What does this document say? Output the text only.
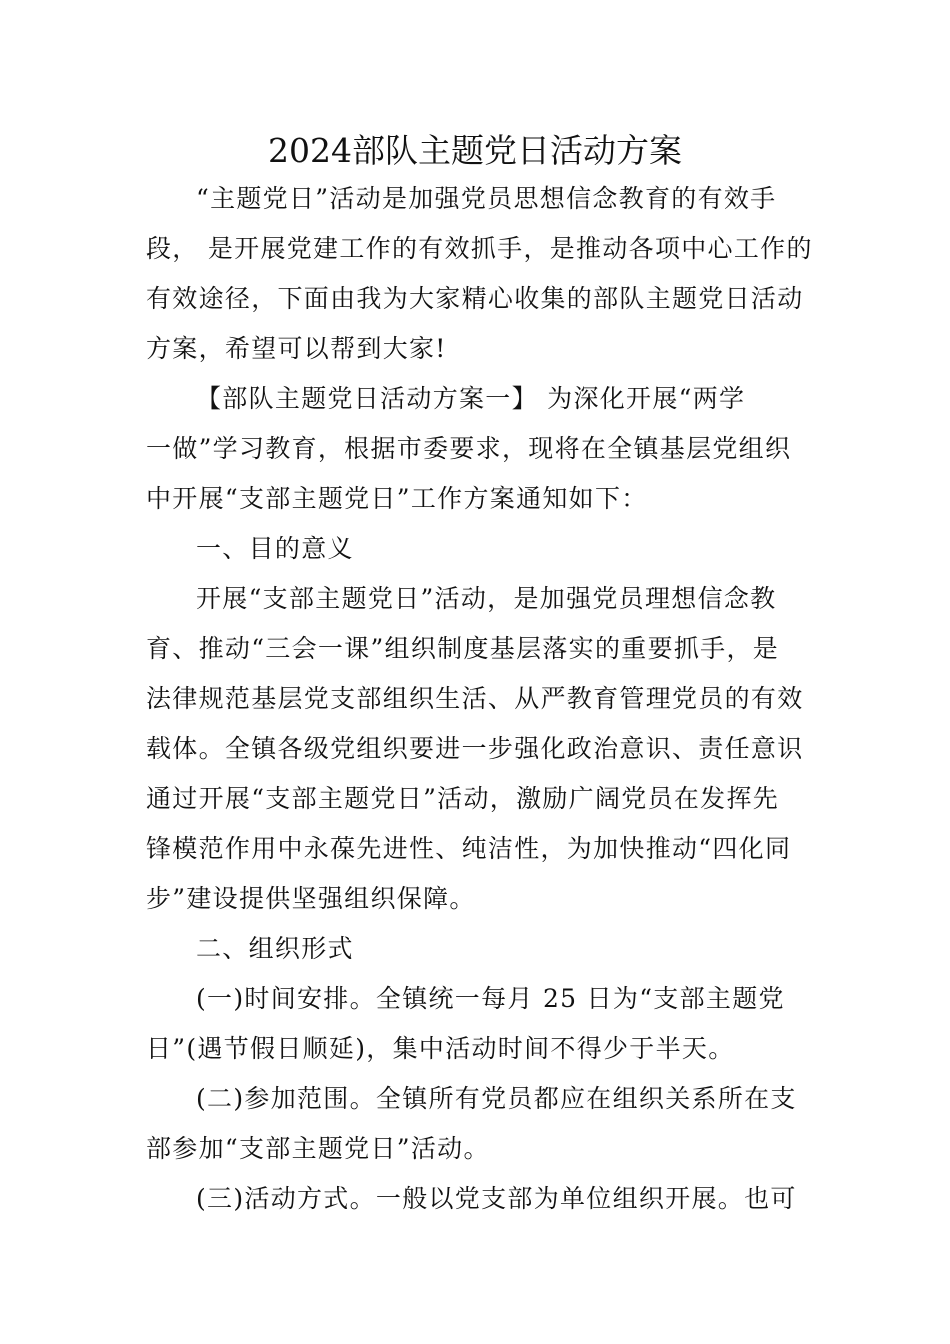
2024部队主题党日活动方案
“主题党日”活动是加强党员思想信念教育的有效手
段， 是开展党建工作的有效抓手，是推动各项中心工作的
有效途径，下面由我为大家精心收集的部队主题党日活动
方案，希望可以帮到大家!
【部队主题党日活动方案一】 为深化开展“两学
一做”学习教育，根据市委要求，现将在全镇基层党组织
中开展“支部主题党日”工作方案通知如下：
一、目的意义
开展“支部主题党日”活动，是加强党员理想信念教
育、推动“三会一课”组织制度基层落实的重要抓手，是
法律规范基层党支部组织生活、从严教育管理党员的有效
载体。全镇各级党组织要进一步强化政治意识、责任意识
通过开展“支部主题党日”活动，激励广阔党员在发挥先
锋模范作用中永葆先进性、纯洁性，为加快推动“四化同
步”建设提供坚强组织保障。
二、组织形式
(一)时间安排。全镇统一每月 25 日为“支部主题党
日”(遇节假日顺延)，集中活动时间不得少于半天。
(二)参加范围。全镇所有党员都应在组织关系所在支
部参加“支部主题党日”活动。
(三)活动方式。一般以党支部为单位组织开展。也可
